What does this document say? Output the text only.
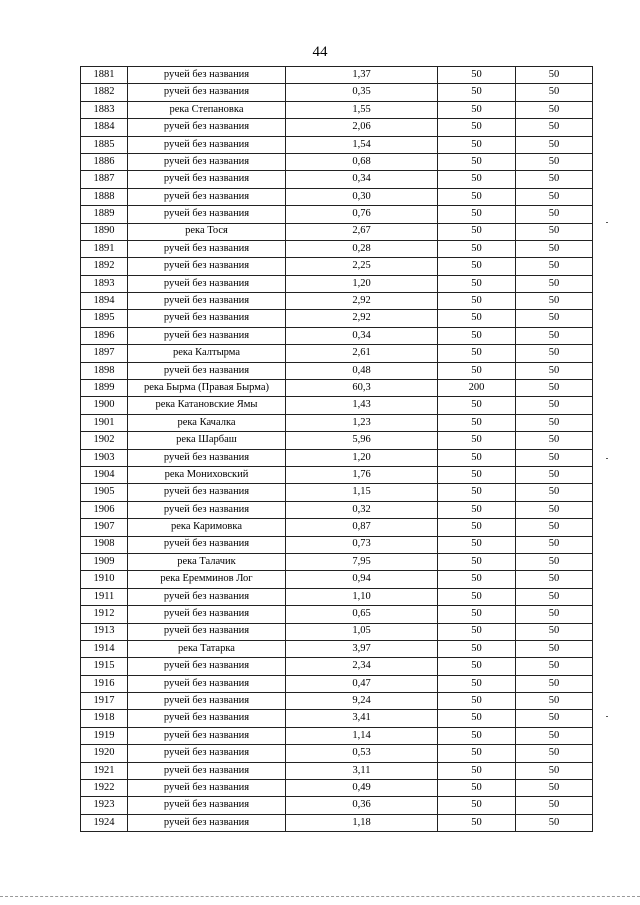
44
1881	ручей без названия	1,37	50	50
1882	ручей без названия	0,35	50	50
1883	река Степановка	1,55	50	50
1884	ручей без названия	2,06	50	50
1885	ручей без названия	1,54	50	50
1886	ручей без названия	0,68	50	50
1887	ручей без названия	0,34	50	50
1888	ручей без названия	0,30	50	50
1889	ручей без названия	0,76	50	50
1890	река Тося	2,67	50	50
1891	ручей без названия	0,28	50	50
1892	ручей без названия	2,25	50	50
1893	ручей без названия	1,20	50	50
1894	ручей без названия	2,92	50	50
1895	ручей без названия	2,92	50	50
1896	ручей без названия	0,34	50	50
1897	река Калтырма	2,61	50	50
1898	ручей без названия	0,48	50	50
1899	река Бырма (Правая Бырма)	60,3	200	50
1900	река Катановские Ямы	1,43	50	50
1901	река Качалка	1,23	50	50
1902	река Шарбаш	5,96	50	50
1903	ручей без названия	1,20	50	50
1904	река Мониховский	1,76	50	50
1905	ручей без названия	1,15	50	50
1906	ручей без названия	0,32	50	50
1907	река Каримовка	0,87	50	50
1908	ручей без названия	0,73	50	50
1909	река Талачик	7,95	50	50
1910	река Еремминов Лог	0,94	50	50
1911	ручей без названия	1,10	50	50
1912	ручей без названия	0,65	50	50
1913	ручей без названия	1,05	50	50
1914	река Татарка	3,97	50	50
1915	ручей без названия	2,34	50	50
1916	ручей без названия	0,47	50	50
1917	ручей без названия	9,24	50	50
1918	ручей без названия	3,41	50	50
1919	ручей без названия	1,14	50	50
1920	ручей без названия	0,53	50	50
1921	ручей без названия	3,11	50	50
1922	ручей без названия	0,49	50	50
1923	ручей без названия	0,36	50	50
1924	ручей без названия	1,18	50	50
